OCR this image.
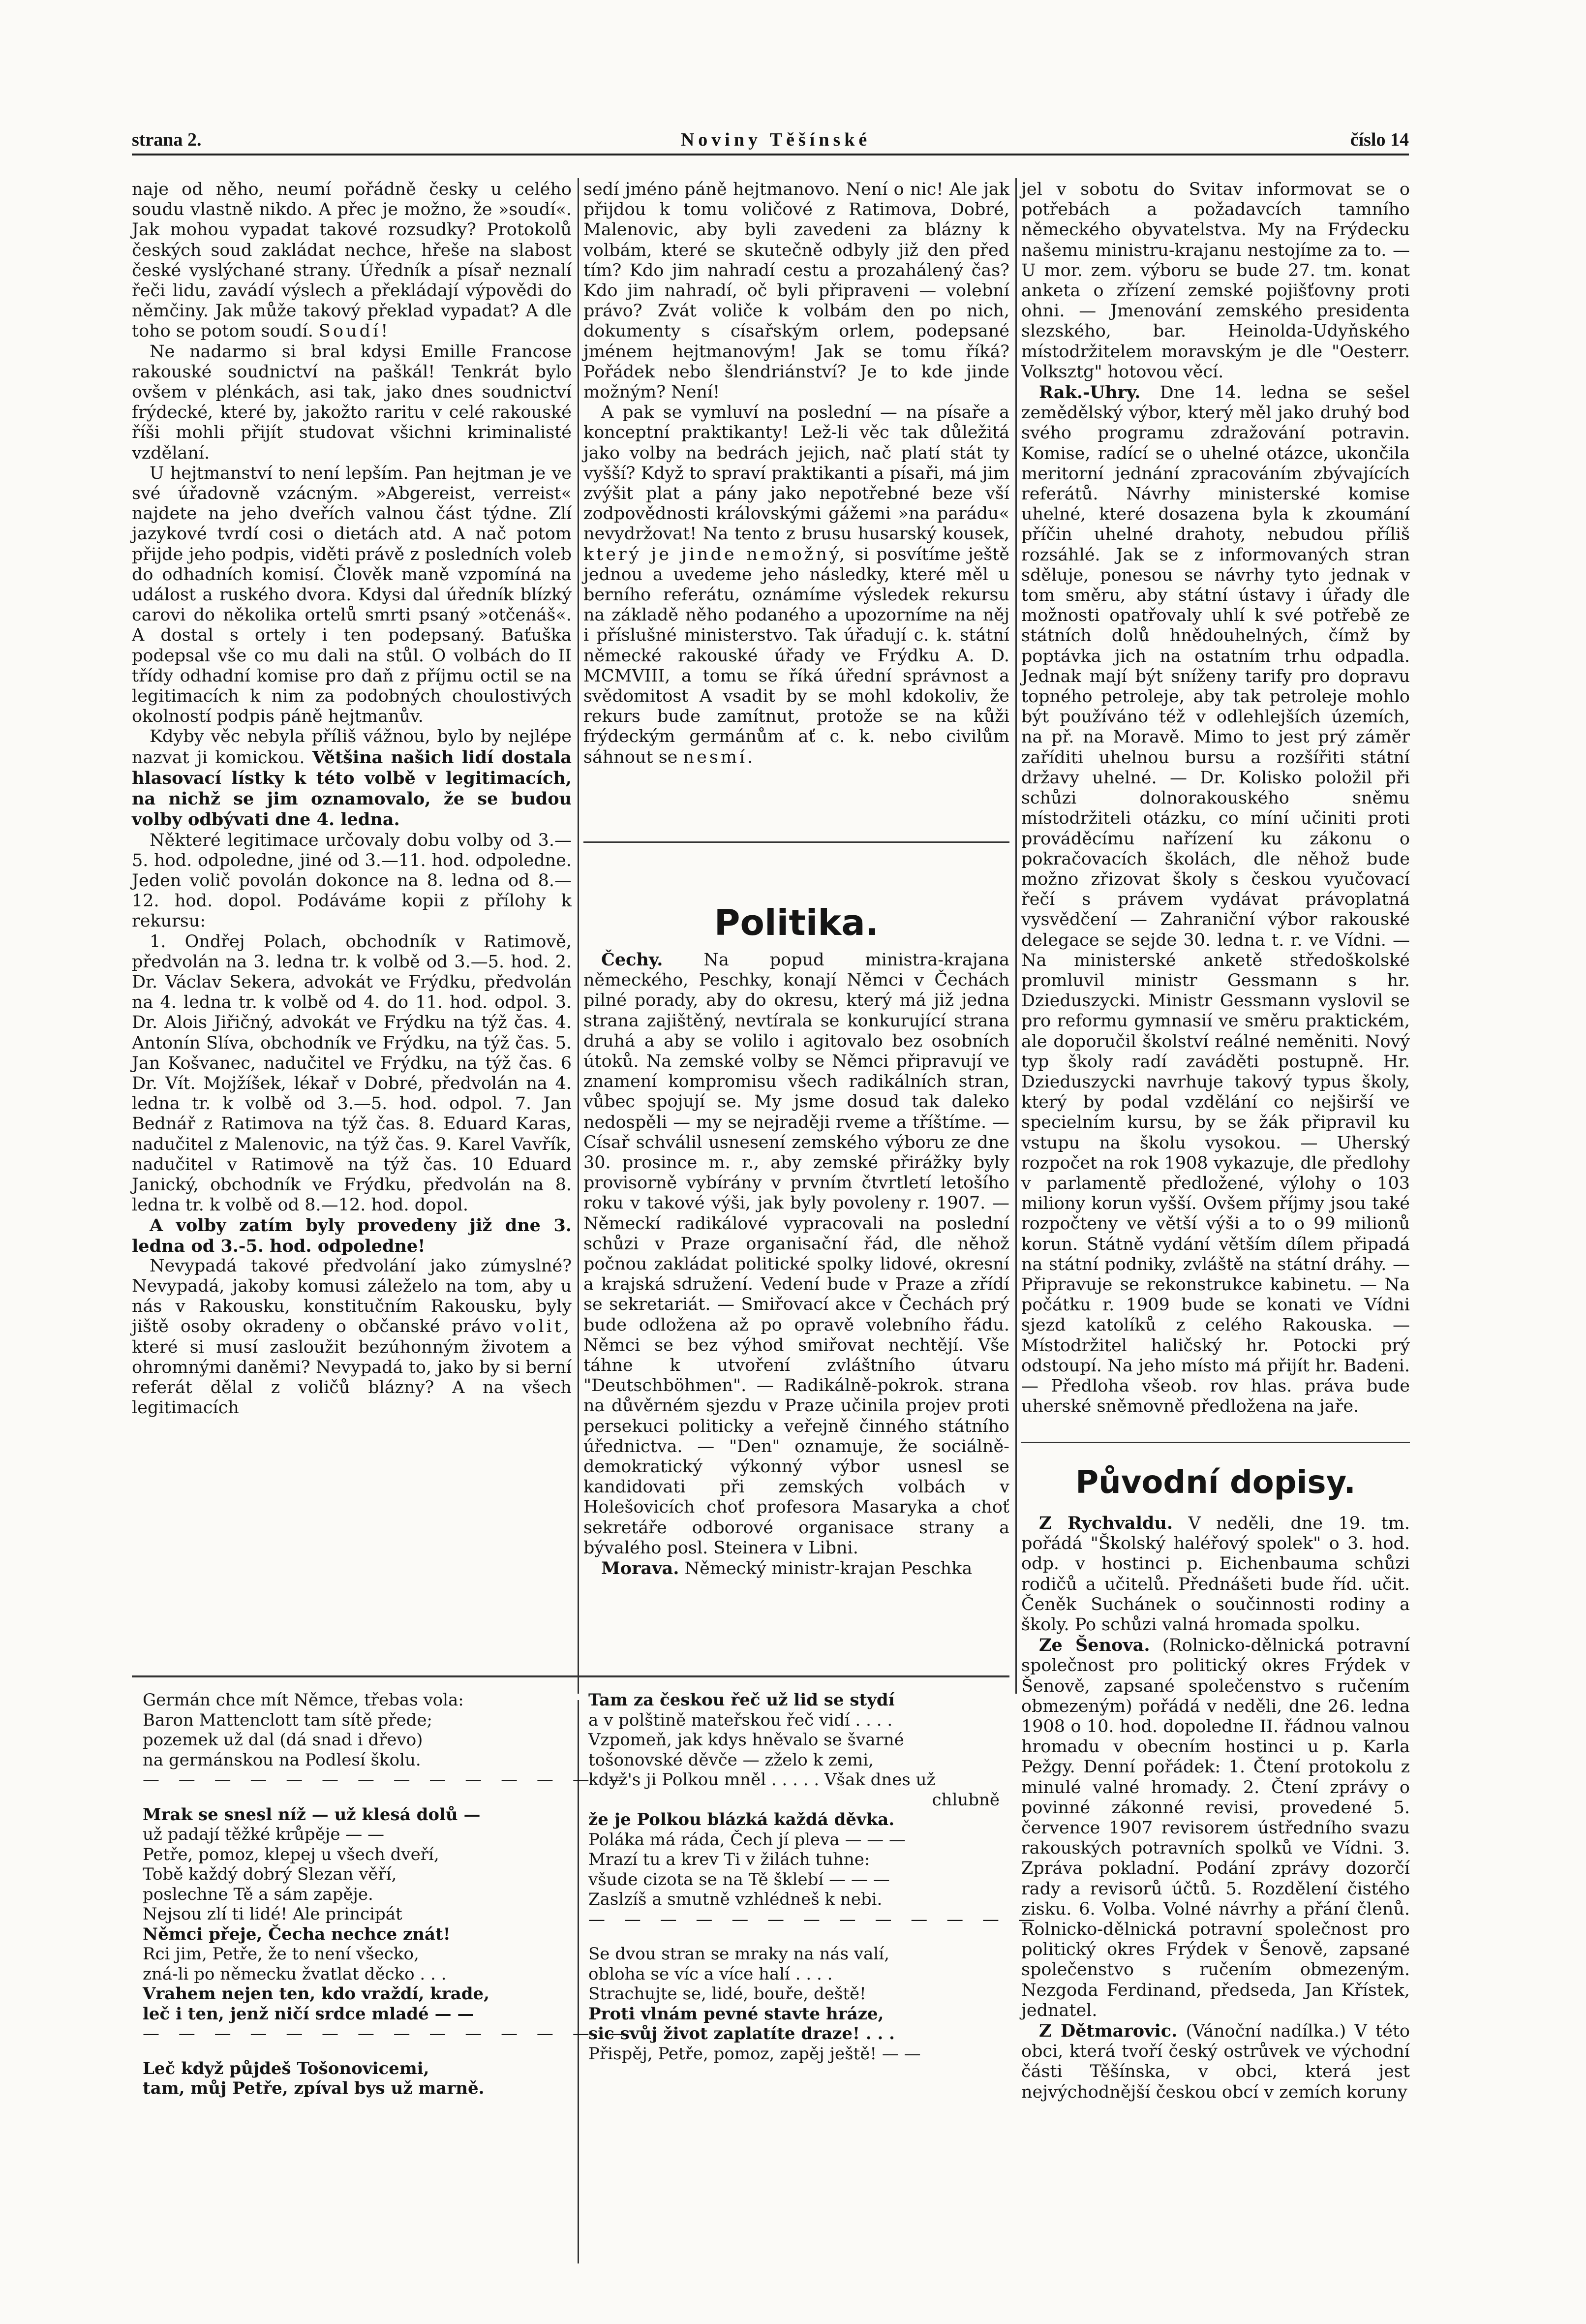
strana 2.	Noviny Těšínské	číslo 14

naje od něho, neumí pořádně česky u celého soudu vlastně nikdo. A přec je možno, že »soudí«. Jak mohou vypadat takové rozsudky? Protokolů českých soud zakládat nechce, hřeše na slabost české vyslýchané strany. Úředník a písař neznalí řeči lidu, zavádí výslech a překládají výpovědi do němčiny. Jak může takový překlad vypadat? A dle toho se potom soudí. Soudí!

Ne nadarmo si bral kdysi Emille Francose rakouské soudnictví na paškál! Tenkrát bylo ovšem v plénkách, asi tak, jako dnes soudnictví frýdecké, které by, jakožto raritu v celé rakouské říši mohli přijít studovat všichni kriminalisté vzdělaní.

U hejtmanství to není lepším. Pan hejtman je ve své úřadovně vzácným. »Abgereist, verreist« najdete na jeho dveřích valnou část týdne. Zlí jazykové tvrdí cosi o dietách atd. A nač potom přijde jeho podpis, viděti právě z posledních voleb do odhadních komisí. Člověk maně vzpomíná na událost a ruského dvora. Kdysi dal úředník blízký carovi do několika ortelů smrti psaný »otčenáš«. A dostal s ortely i ten podepsaný. Baťuška podepsal vše co mu dali na stůl. O volbách do II třídy odhadní komise pro daň z příjmu octil se na legitimacích k nim za podobných choulostivých okolností podpis páně hejtmanův.

Kdyby věc nebyla příliš vážnou, bylo by nejlépe nazvat ji komickou. Většina našich lidí dostala hlasovací lístky k této volbě v legitimacích, na nichž se jim oznamovalo, že se budou volby odbývati dne 4. ledna.

Některé legitimace určovaly dobu volby od 3.—5. hod. odpoledne, jiné od 3.—11. hod. odpoledne. Jeden volič povolán dokonce na 8. ledna od 8.—12. hod. dopol. Podáváme kopii z přílohy k rekursu:

1. Ondřej Polach, obchodník v Ratimově, předvolán na 3. ledna tr. k volbě od 3.—5. hod. 2. Dr. Václav Sekera, advokát ve Frýdku, předvolán na 4. ledna tr. k volbě od 4. do 11. hod. odpol. 3. Dr. Alois Jiřičný, advokát ve Frýdku na týž čas. 4. Antonín Slíva, obchodník ve Frýdku, na týž čas. 5. Jan Košvanec, nadučitel ve Frýdku, na týž čas. 6 Dr. Vít. Mojžíšek, lékař v Dobré, předvolán na 4. ledna tr. k volbě od 3.—5. hod. odpol. 7. Jan Bednář z Ratimova na týž čas. 8. Eduard Karas, nadučitel z Malenovic, na týž čas. 9. Karel Vavřík, nadučitel v Ratimově na týž čas. 10 Eduard Janický, obchodník ve Frýdku, předvolán na 8. ledna tr. k volbě od 8.—12. hod. dopol.

A volby zatím byly provedeny již dne 3. ledna od 3.-5. hod. odpoledne!

Nevypadá takové předvolání jako zúmyslné? Nevypadá, jakoby komusi záleželo na tom, aby u nás v Rakousku, konstitučním Rakousku, byly jiště osoby okradeny o občanské právo volit, které si musí zasloužit bezúhonným životem a ohromnými daněmi? Nevypadá to, jako by si berní referát dělal z voličů blázny? A na všech legitimacích

sedí jméno páně hejtmanovo. Není o nic! Ale jak přijdou k tomu voličové z Ratimova, Dobré, Malenovic, aby byli zavedeni za blázny k volbám, které se skutečně odbyly již den před tím? Kdo jim nahradí cestu a prozahálený čas? Kdo jim nahradí, oč byli připraveni — volební právo? Zvát voliče k volbám den po nich, dokumenty s císařským orlem, podepsané jménem hejtmanovým! Jak se tomu říká? Pořádek nebo šlendriánství? Je to kde jinde možným? Není!

A pak se vymluví na poslední — na písaře a konceptní praktikanty! Lež-li věc tak důležitá jako volby na bedrách jejich, nač platí stát ty vyšší? Když to spraví praktikanti a písaři, má jim zvýšit plat a pány jako nepotřebné beze vší zodpovědnosti královskými gážemi »na parádu« nevydržovat! Na tento z brusu husarský kousek, který je jinde nemožný, si posvítíme ještě jednou a uvedeme jeho následky, které měl u berního referátu, oznámíme výsledek rekursu na základě něho podaného a upozorníme na něj i příslušné ministerstvo. Tak úřadují c. k. státní německé rakouské úřady ve Frýdku A. D. MCMVIII, a tomu se říká úřední správnost a svědomitost A vsadit by se mohl kdokoliv, že rekurs bude zamítnut, protože se na kůži frýdeckým germánům ať c. k. nebo civilům sáhnout se nesmí.

Politika.

Čechy. Na popud ministra-krajana německého, Peschky, konají Němci v Čechách pilné porady, aby do okresu, který má již jedna strana zajištěný, nevtírala se konkurující strana druhá a aby se volilo i agitovalo bez osobních útoků. Na zemské volby se Němci připravují ve znamení kompromisu všech radikálních stran, vůbec spojují se. My jsme dosud tak daleko nedospěli — my se nejraději rveme a tříštíme. — Císař schválil usnesení zemského výboru ze dne 30. prosince m. r., aby zemské přirážky byly provisorně vybírány v prvním čtvrtletí letošího roku v takové výši, jak byly povoleny r. 1907. — Německí radikálové vypracovali na poslední schůzi v Praze organisační řád, dle něhož počnou zakládat politické spolky lidové, okresní a krajská sdružení. Vedení bude v Praze a zřídí se sekretariát. — Smiřovací akce v Čechách prý bude odložena až po opravě volebního řádu. Němci se bez výhod smiřovat nechtějí. Vše táhne k utvoření zvláštního útvaru "Deutschböhmen". — Radikálně-pokrok. strana na důvěrném sjezdu v Praze učinila projev proti persekuci politicky a veřejně činného státního úřednictva. — "Den" oznamuje, že sociálně-demokratický výkonný výbor usnesl se kandidovati při zemských volbách v Holešovicích choť profesora Masaryka a choť sekretáře odborové organisace strany a bývalého posl. Steinera v Libni.

Morava. Německý ministr-krajan Peschka

jel v sobotu do Svitav informovat se o potřebách a požadavcích tamního německého obyvatelstva. My na Frýdecku našemu ministru-krajanu nestojíme za to. — U mor. zem. výboru se bude 27. tm. konat anketa o zřízení zemské pojišťovny proti ohni. — Jmenování zemského presidenta slezského, bar. Heinolda-Udyňského místodržitelem moravským je dle "Oesterr. Volksztg" hotovou věcí.

Rak.-Uhry. Dne 14. ledna se sešel zemědělský výbor, který měl jako druhý bod svého programu zdražování potravin. Komise, radící se o uhelné otázce, ukončila meritorní jednání zpracováním zbývajících referátů. Návrhy ministerské komise uhelné, které dosazena byla k zkoumání příčin uhelné drahoty, nebudou příliš rozsáhlé. Jak se z informovaných stran sděluje, ponesou se návrhy tyto jednak v tom směru, aby státní ústavy i úřady dle možnosti opatřovaly uhlí k své potřebě ze státních dolů hnědouhelných, čímž by poptávka jich na ostatním trhu odpadla. Jednak mají být sníženy tarify pro dopravu topného petroleje, aby tak petroleje mohlo být používáno též v odlehlejších územích, na př. na Moravě. Mimo to jest prý záměr zaříditi uhelnou bursu a rozšířiti státní državy uhelné. — Dr. Kolisko položil při schůzi dolnorakouského sněmu místodržiteli otázku, co míní učiniti proti prováděcímu nařízení ku zákonu o pokračovacích školách, dle něhož bude možno zřizovat školy s českou vyučovací řečí s právem vydávat právoplatná vysvědčení — Zahraniční výbor rakouské delegace se sejde 30. ledna t. r. ve Vídni. — Na ministerské anketě středoškolské promluvil ministr Gessmann s hr. Dzieduszycki. Ministr Gessmann vyslovil se pro reformu gymnasií ve směru praktickém, ale doporučil školství reálné neměniti. Nový typ školy radí zaváděti postupně. Hr. Dzieduszycki navrhuje takový typus školy, který by podal vzdělání co nejširší ve specielním kursu, by se žák připravil ku vstupu na školu vysokou. — Uherský rozpočet na rok 1908 vykazuje, dle předlohy v parlamentě předložené, výlohy o 103 miliony korun vyšší. Ovšem příjmy jsou také rozpočteny ve větší výši a to o 99 milionů korun. Státně vydání větším dílem připadá na státní podniky, zvláště na státní dráhy. — Připravuje se rekonstrukce kabinetu. — Na počátku r. 1909 bude se konati ve Vídni sjezd katolíků z celého Rakouska. — Místodržitel haličský hr. Potocki prý odstoupí. Na jeho místo má přijít hr. Badeni. — Předloha všeob. rov hlas. práva bude uherské sněmovně předložena na jaře.

Původní dopisy.

Z Rychvaldu. V neděli, dne 19. tm. pořádá "Školský haléřový spolek" o 3. hod. odp. v hostinci p. Eichenbauma schůzi rodičů a učitelů. Přednášeti bude říd. učit. Čeněk Suchánek o součinnosti rodiny a školy. Po schůzi valná hromada spolku.

Ze Šenova. (Rolnicko-dělnická potravní společnost pro politický okres Frýdek v Šenově, zapsané společenstvo s ručením obmezeným) pořádá v neděli, dne 26. ledna 1908 o 10. hod. dopoledne II. řádnou valnou hromadu v obecním hostinci u p. Karla Pežgy. Denní pořádek: 1. Čtení protokolu z minulé valné hromady. 2. Čtení zprávy o povinné zákonné revisi, provedené 5. července 1907 revisorem ústředního svazu rakouských potravních spolků ve Vídni. 3. Zpráva pokladní. Podání zprávy dozorčí rady a revisorů účtů. 5. Rozdělení čistého zisku. 6. Volba. Volné návrhy a přání členů. Rolnicko-dělnická potravní společnost pro politický okres Frýdek v Šenově, zapsané společenstvo s ručením obmezeným. Nezgoda Ferdinand, předseda, Jan Křístek, jednatel.

Z Dětmarovic. (Vánoční nadílka.) V této obci, která tvoří český ostrůvek ve východní části Těšínska, v obci, která jest nejvýchodnější českou obcí v zemích koruny

Germán chce mít Němce, třebas vola:
Baron Mattenclott tam sítě přede;
pozemek už dal (dá snad i dřevo)
na germánskou na Podlesí školu.
— — — — — — — — — — — — — —
Mrak se snesl níž — už klesá dolů —
už padají těžké krůpěje — —
Petře, pomoz, klepej u všech dveří,
Tobě každý dobrý Slezan věří,
poslechne Tě a sám zapěje.
Nejsou zlí ti lidé! Ale principát
Němci přeje, Čecha nechce znát!
Rci jim, Petře, že to není všecko,
zná-li po německu žvatlat děcko . . .
Vrahem nejen ten, kdo vraždí, krade,
leč i ten, jenž ničí srdce mladé — —
— — — — — — — — — — — — — —
Leč když půjdeš Tošonovicemi,
tam, můj Petře, zpíval bys už marně.
Tam za českou řeč už lid se stydí
a v polštině mateřskou řeč vidí . . . .
Vzpomeň, jak kdys hněvalo se švarné
tošonovské děvče — zželo k zemi,
když's ji Polkou mněl . . . . . Však dnes už
chlubně
že je Polkou blázká každá děvka.
Polákа má ráda, Čech jí pleva — — —
Mrazí tu a krev Ti v žilách tuhne:
všude cizota se na Tě šklebí — — —
Zaslzíš a smutně vzhlédneš k nebi.
— — — — — — — — — — — — —
Se dvou stran se mraky na nás valí,
obloha se víc a více halí . . . .
Strachujte se, lidé, bouře, deště!
Proti vlnám pevné stavte hráze,
sic svůj život zaplatíte draze! . . .
Přispěj, Petře, pomoz, zapěj ještě! — —
